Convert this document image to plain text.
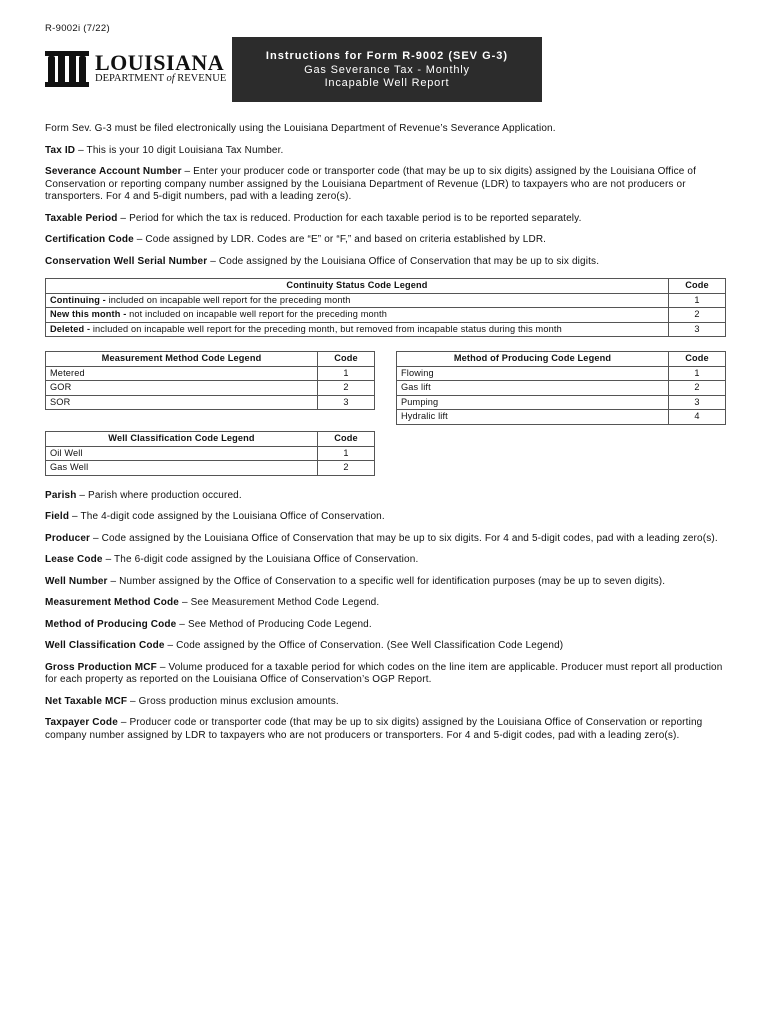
R-9002i (7/22)
LOUISIANA
DEPARTMENT of REVENUE
Instructions for Form R-9002 (SEV G-3)
Gas Severance Tax - Monthly
Incapable Well Report

Form Sev. G-3 must be filed electronically using the Louisiana Department of Revenue’s Severance Application.

Tax ID – This is your 10 digit Louisiana Tax Number.

Severance Account Number – Enter your producer code or transporter code (that may be up to six digits) assigned by the Louisiana Office of Conservation or reporting company number assigned by the Louisiana Department of Revenue (LDR) to taxpayers who are not producers or transporters. For 4 and 5-digit numbers, pad with a leading zero(s).

Taxable Period – Period for which the tax is reduced. Production for each taxable period is to be reported separately.

Certification Code – Code assigned by LDR. Codes are “E” or “F,” and based on criteria established by LDR.

Conservation Well Serial Number – Code assigned by the Louisiana Office of Conservation that may be up to six digits.

Continuity Status Code Legend	Code
Continuing - included on incapable well report for the preceding month	1
New this month - not included on incapable well report for the preceding month	2
Deleted - included on incapable well report for the preceding month, but removed from incapable status during this month	3
Measurement Method Code Legend	Code
Metered	1
GOR	2
SOR	3
Method of Producing Code Legend	Code
Flowing	1
Gas lift	2
Pumping	3
Hydralic lift	4
Well Classification Code Legend	Code
Oil Well	1
Gas Well	2

Parish – Parish where production occured.

Field – The 4-digit code assigned by the Louisiana Office of Conservation.

Producer – Code assigned by the Louisiana Office of Conservation that may be up to six digits. For 4 and 5-digit codes, pad with a leading zero(s).

Lease Code – The 6-digit code assigned by the Louisiana Office of Conservation.

Well Number – Number assigned by the Office of Conservation to a specific well for identification purposes (may be up to seven digits).

Measurement Method Code – See Measurement Method Code Legend.

Method of Producing Code – See Method of Producing Code Legend.

Well Classification Code – Code assigned by the Office of Conservation. (See Well Classification Code Legend)

Gross Production MCF – Volume produced for a taxable period for which codes on the line item are applicable. Producer must report all production for each property as reported on the Louisiana Office of Conservation’s OGP Report.

Net Taxable MCF – Gross production minus exclusion amounts.

Taxpayer Code – Producer code or transporter code (that may be up to six digits) assigned by the Louisiana Office of Conservation or reporting company number assigned by LDR to taxpayers who are not producers or transporters. For 4 and 5-digit codes, pad with a leading zero(s).
